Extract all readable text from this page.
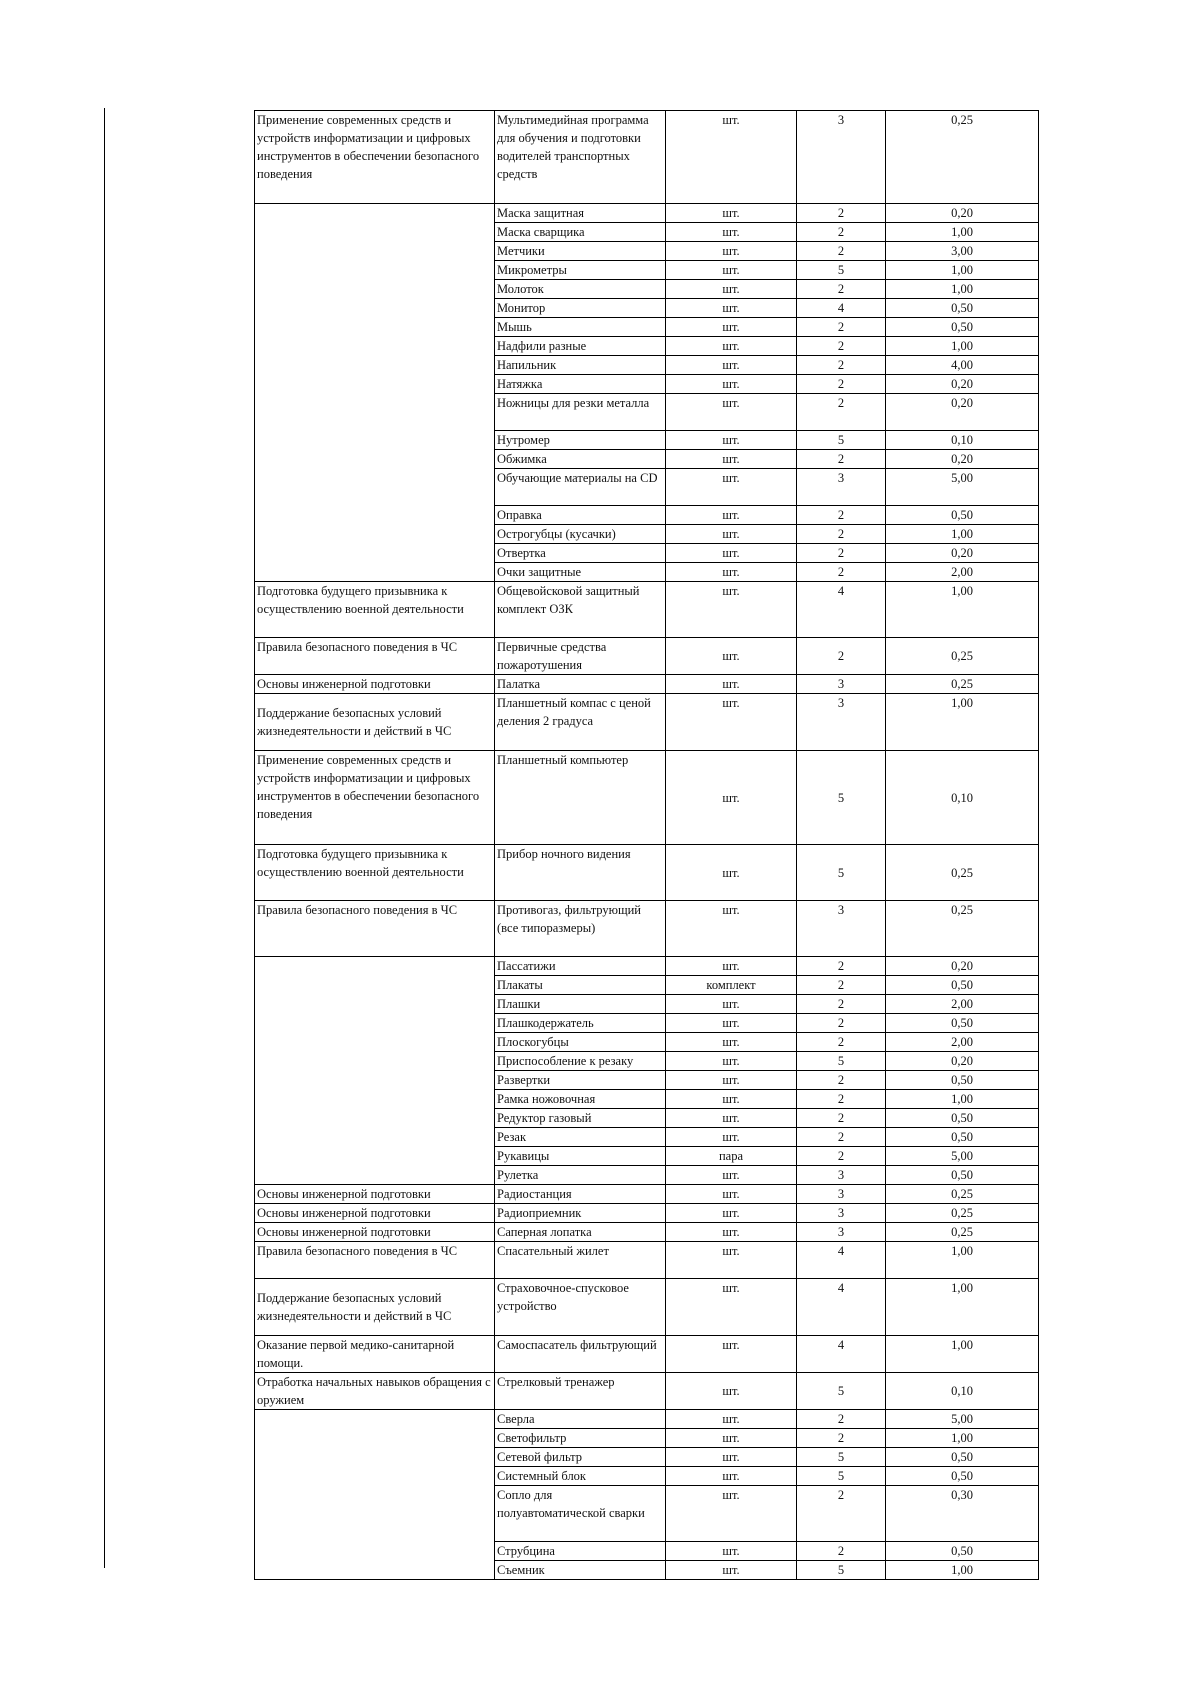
Применение современных средств и устройств информатизации и цифровых инструментов в обеспечении безопасного поведения	Мультимедийная программа для обучения и подготовки водителей транспортных средств	шт.	3	0,25
	Маска защитная	шт.	2	0,20
	Маска сварщика	шт.	2	1,00
	Метчики	шт.	2	3,00
	Микрометры	шт.	5	1,00
	Молоток	шт.	2	1,00
	Монитор	шт.	4	0,50
	Мышь	шт.	2	0,50
	Надфили разные	шт.	2	1,00
	Напильник	шт.	2	4,00
	Натяжка	шт.	2	0,20
	Ножницы для резки металла	шт.	2	0,20
	Нутромер	шт.	5	0,10
	Обжимка	шт.	2	0,20
	Обучающие материалы на CD	шт.	3	5,00
	Оправка	шт.	2	0,50
	Острогубцы (кусачки)	шт.	2	1,00
	Отвертка	шт.	2	0,20
	Очки защитные	шт.	2	2,00
Подготовка будущего призывника к осуществлению военной деятельности	Общевойсковой защитный комплект ОЗК	шт.	4	1,00
Правила безопасного поведения в ЧС	Первичные средства пожаротушения	шт.	2	0,25
Основы инженерной подготовки	Палатка	шт.	3	0,25
Поддержание безопасных условий жизнедеятельности и действий в ЧС	Планшетный компас с ценой деления 2 градуса	шт.	3	1,00
Применение современных средств и устройств информатизации и цифровых инструментов в обеспечении безопасного поведения	Планшетный компьютер	шт.	5	0,10
Подготовка будущего призывника к осуществлению военной деятельности	Прибор ночного видения	шт.	5	0,25
Правила безопасного поведения в ЧС	Противогаз, фильтрующий (все типоразмеры)	шт.	3	0,25
	Пассатижи	шт.	2	0,20
	Плакаты	комплект	2	0,50
	Плашки	шт.	2	2,00
	Плашкодержатель	шт.	2	0,50
	Плоскогубцы	шт.	2	2,00
	Приспособление к резаку	шт.	5	0,20
	Развертки	шт.	2	0,50
	Рамка ножовочная	шт.	2	1,00
	Редуктор газовый	шт.	2	0,50
	Резак	шт.	2	0,50
	Рукавицы	пара	2	5,00
	Рулетка	шт.	3	0,50
Основы инженерной подготовки	Радиостанция	шт.	3	0,25
Основы инженерной подготовки	Радиоприемник	шт.	3	0,25
Основы инженерной подготовки	Саперная лопатка	шт.	3	0,25
Правила безопасного поведения в ЧС	Спасательный жилет	шт.	4	1,00
Поддержание безопасных условий жизнедеятельности и действий в ЧС	Страховочное-спусковое устройство	шт.	4	1,00
Оказание первой медико-санитарной помощи.	Самоспасатель фильтрующий	шт.	4	1,00
Отработка начальных навыков обращения с оружием	Стрелковый тренажер	шт.	5	0,10
	Сверла	шт.	2	5,00
	Светофильтр	шт.	2	1,00
	Сетевой фильтр	шт.	5	0,50
	Системный блок	шт.	5	0,50
	Сопло для полуавтоматической сварки	шт.	2	0,30
	Струбцина	шт.	2	0,50
	Съемник	шт.	5	1,00
